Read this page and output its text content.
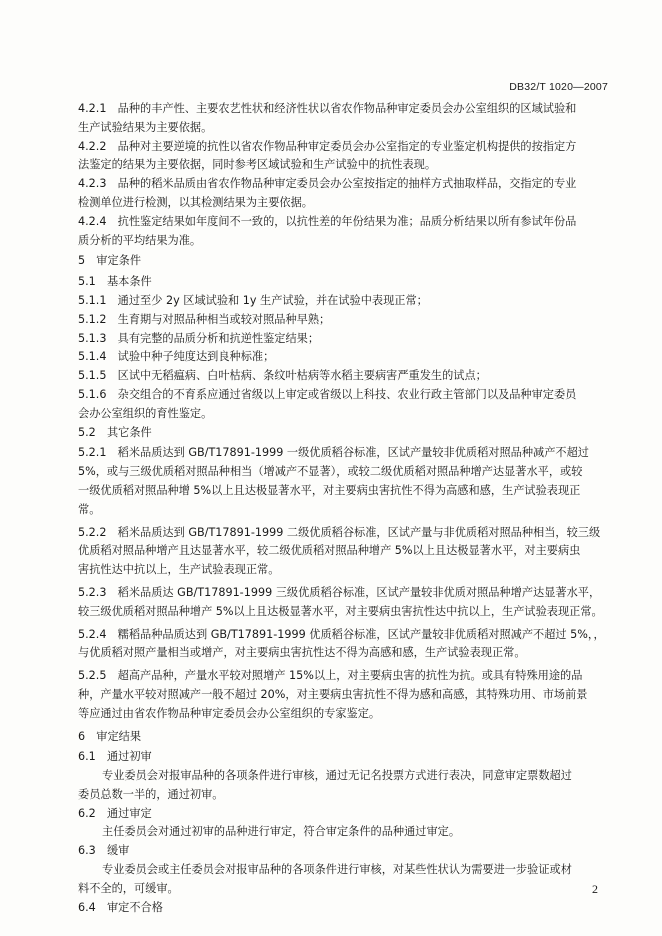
DB32/T 1020—2007

4.2.1　品种的丰产性、主要农艺性状和经济性状以省农作物品种审定委员会办公室组织的区域试验和

生产试验结果为主要依据。

4.2.2　品种对主要逆境的抗性以省农作物品种审定委员会办公室指定的专业鉴定机构提供的按指定方

法鉴定的结果为主要依据，同时参考区域试验和生产试验中的抗性表现。

4.2.3　品种的稻米品质由省农作物品种审定委员会办公室按指定的抽样方式抽取样品，交指定的专业

检测单位进行检测，以其检测结果为主要依据。

4.2.4　抗性鉴定结果如年度间不一致的，以抗性差的年份结果为准；品质分析结果以所有参试年份品

质分析的平均结果为准。

5　审定条件

5.1　基本条件

5.1.1　通过至少 2y 区域试验和 1y 生产试验，并在试验中表现正常；

5.1.2　生育期与对照品种相当或较对照品种早熟；

5.1.3　具有完整的品质分析和抗逆性鉴定结果；

5.1.4　试验中种子纯度达到良种标准；

5.1.5　区试中无稻瘟病、白叶枯病、条纹叶枯病等水稻主要病害严重发生的试点；

5.1.6　杂交组合的不育系应通过省级以上审定或省级以上科技、农业行政主管部门以及品种审定委员

会办公室组织的育性鉴定。

5.2　其它条件

5.2.1　稻米品质达到 GB/T17891-1999 一级优质稻谷标准，区试产量较非优质稻对照品种减产不超过

5%，或与三级优质稻对照品种相当（增减产不显著），或较二级优质稻对照品种增产达显著水平，或较

一级优质稻对照品种增 5%以上且达极显著水平，对主要病虫害抗性不得为高感和感，生产试验表现正

常。

5.2.2　稻米品质达到 GB/T17891-1999 二级优质稻谷标准，区试产量与非优质稻对照品种相当，较三级

优质稻对照品种增产且达显著水平，较二级优质稻对照品种增产 5%以上且达极显著水平，对主要病虫

害抗性达中抗以上，生产试验表现正常。

5.2.3　稻米品质达 GB/T17891-1999 三级优质稻谷标准，区试产量较非优质对照品种增产达显著水平，

较三级优质稻对照品种增产 5%以上且达极显著水平，对主要病虫害抗性达中抗以上，生产试验表现正常。

5.2.4　糯稻品种品质达到 GB/T17891-1999 优质稻谷标准，区试产量较非优质稻对照减产不超过 5%，，

与优质稻对照产量相当或增产，对主要病虫害抗性达不得为高感和感，生产试验表现正常。

5.2.5　超高产品种，产量水平较对照增产 15%以上，对主要病虫害的抗性为抗。或具有特殊用途的品

种，产量水平较对照减产一般不超过 20%，对主要病虫害抗性不得为感和高感，其特殊功用、市场前景

等应通过由省农作物品种审定委员会办公室组织的专家鉴定。

6　审定结果

6.1　通过初审

专业委员会对报审品种的各项条件进行审核，通过无记名投票方式进行表决，同意审定票数超过

委员总数一半的，通过初审。

6.2　通过审定

主任委员会对通过初审的品种进行审定，符合审定条件的品种通过审定。

6.3　缓审

专业委员会或主任委员会对报审品种的各项条件进行审核，对某些性状认为需要进一步验证或材

料不全的，可缓审。

6.4　审定不合格

2
